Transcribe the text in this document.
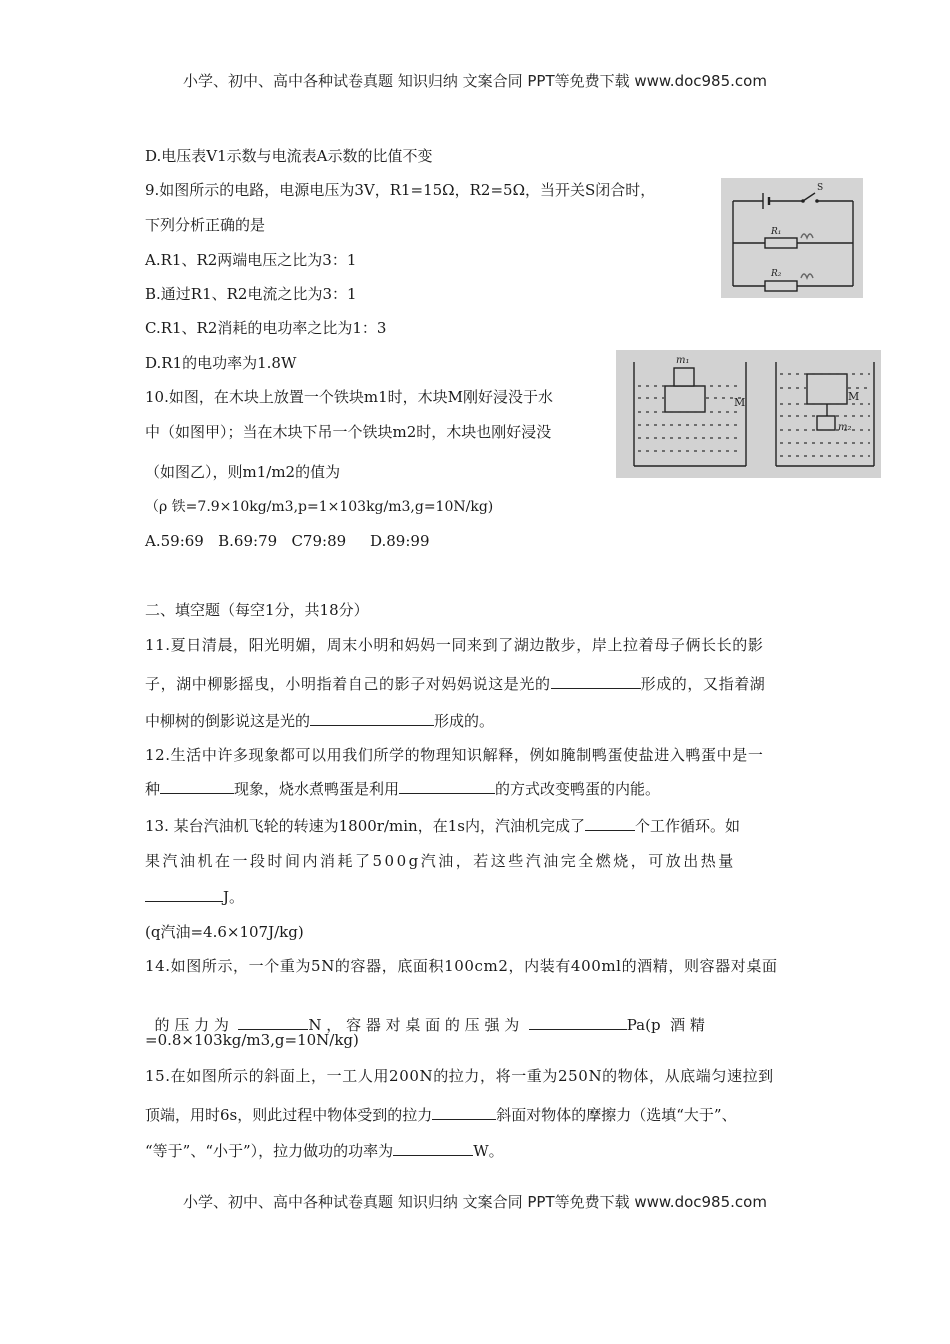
小学、初中、高中各种试卷真题 知识归纳 文案合同 PPT等免费下载 www.doc985.com
D.电压表V1示数与电流表A示数的比值不变
9.如图所示的电路，电源电压为3V，R1=15Ω，R2=5Ω，当开关S闭合时，
下列分析正确的是
A.R1、R2两端电压之比为3：1
B.通过R1、R2电流之比为3：1
C.R1、R2消耗的电功率之比为1：3
D.R1的电功率为1.8W
S
R₁
R₂
10.如图，在木块上放置一个铁块m1时，木块M刚好浸没于水
中（如图甲）；当在木块下吊一个铁块m2时，木块也刚好浸没
（如图乙），则m1/m2的值为
（ρ 铁=7.9×10kg/m3,p=1×103kg/m3,g=10N/kg)
A.59:69   B.69:79   C79:89     D.89:99
m₁
M	M
m₂
二、填空题（每空1分，共18分）
11.夏日清晨，阳光明媚，周末小明和妈妈一同来到了湖边散步，岸上拉着母子俩长长的影
子，湖中柳影摇曳，小明指着自己的影子对妈妈说这是光的	形成的，又指着湖
中柳树的倒影说这是光的	形成的。
12.生活中许多现象都可以用我们所学的物理知识解释，例如腌制鸭蛋使盐进入鸭蛋中是一
种	现象，烧水煮鸭蛋是利用	的方式改变鸭蛋的内能。
13. 某台汽油机飞轮的转速为1800r/min，在1s内，汽油机完成了	个工作循环。如
果汽油机在一段时间内消耗了500g汽油，若这些汽油完全燃烧，可放出热量
J。
(q汽油=4.6×107J/kg)
14.如图所示，一个重为5N的容器，底面积100cm2，内装有400ml的酒精，则容器对桌面

的 压 力 为	N ， 容 器 对 桌 面 的 压 强 为	Pa(p  酒 精

=0.8×103kg/m3,g=10N/kg)
15.在如图所示的斜面上，一工人用200N的拉力，将一重为250N的物体，从底端匀速拉到
顶端，用时6s，则此过程中物体受到的拉力	斜面对物体的摩擦力（选填“大于”、
“等于”、“小于”），拉力做功的功率为	W。
小学、初中、高中各种试卷真题 知识归纳 文案合同 PPT等免费下载 www.doc985.com
